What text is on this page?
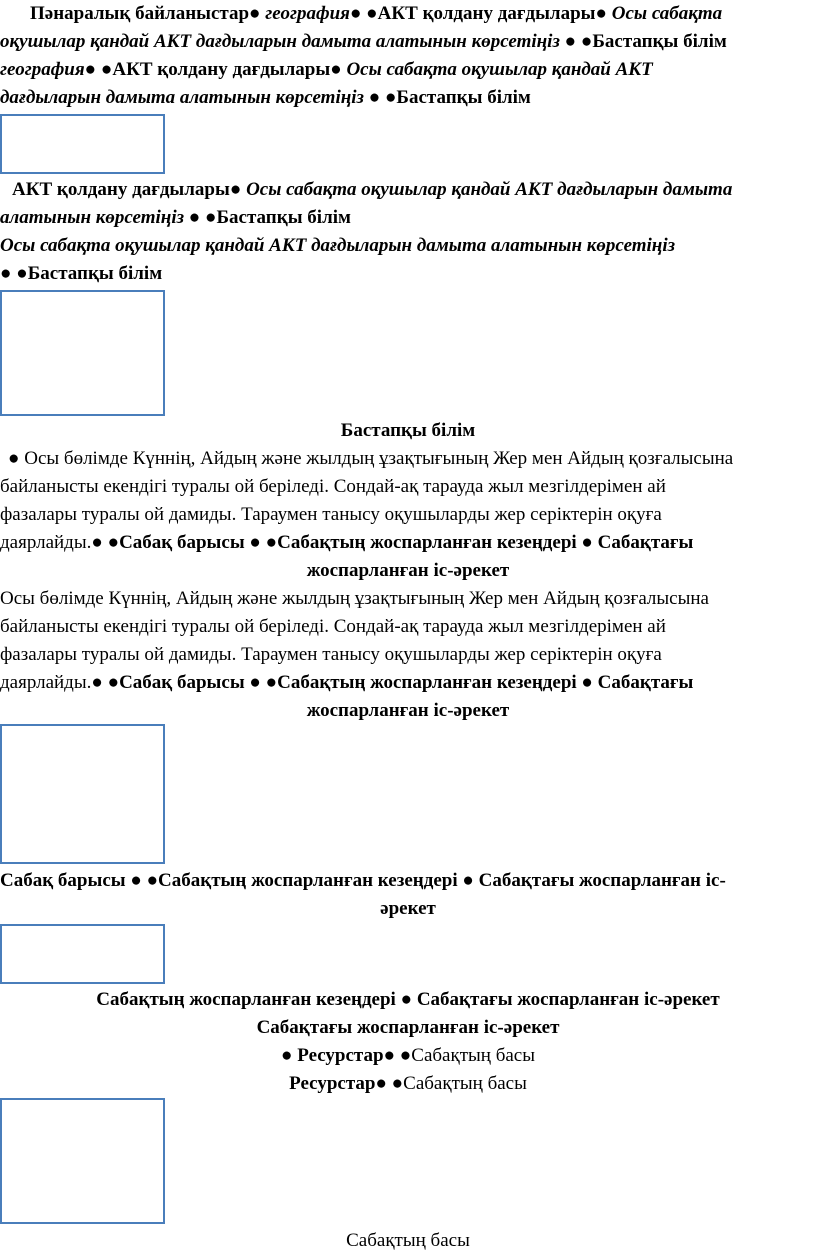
Пәнаралық байланыстар● география● ●АКТ қолдану дағдылары● Осы сабақта

оқушылар қандай АКТ дағдыларын дамыта алатынын көрсетіңіз ● ●Бастапқы білім

география● ●АКТ қолдану дағдылары● Осы сабақта оқушылар қандай АКТ

дағдыларын дамыта алатынын көрсетіңіз ● ●Бастапқы білім

АКТ қолдану дағдылары● Осы сабақта оқушылар қандай АКТ дағдыларын дамыта

алатынын көрсетіңіз ● ●Бастапқы білім

Осы сабақта оқушылар қандай АКТ дағдыларын дамыта алатынын көрсетіңіз

● ●Бастапқы білім

Бастапқы білім

● Осы бөлімде Күннің, Айдың және жылдың ұзақтығының Жер мен Айдың қозғалысына

байланысты екендігі туралы ой беріледі. Сондай-ақ тарауда жыл мезгілдерімен ай

фазалары туралы ой дамиды. Тараумен танысу оқушыларды жер серіктерін оқуға

даярлайды.● ●Сабақ барысы ● ●Сабақтың жоспарланған кезеңдері ● Сабақтағы

жоспарланған іс-әрекет

Осы бөлімде Күннің, Айдың және жылдың ұзақтығының Жер мен Айдың қозғалысына

байланысты екендігі туралы ой беріледі. Сондай-ақ тарауда жыл мезгілдерімен ай

фазалары туралы ой дамиды. Тараумен танысу оқушыларды жер серіктерін оқуға

даярлайды.● ●Сабақ барысы ● ●Сабақтың жоспарланған кезеңдері ● Сабақтағы

жоспарланған іс-әрекет

Сабақ барысы ● ●Сабақтың жоспарланған кезеңдері ● Сабақтағы жоспарланған іс-

әрекет

Сабақтың жоспарланған кезеңдері ● Сабақтағы жоспарланған іс-әрекет

Сабақтағы жоспарланған іс-әрекет

● Ресурстар● ●Сабақтың басы

Ресурстар● ●Сабақтың басы

Сабақтың басы
